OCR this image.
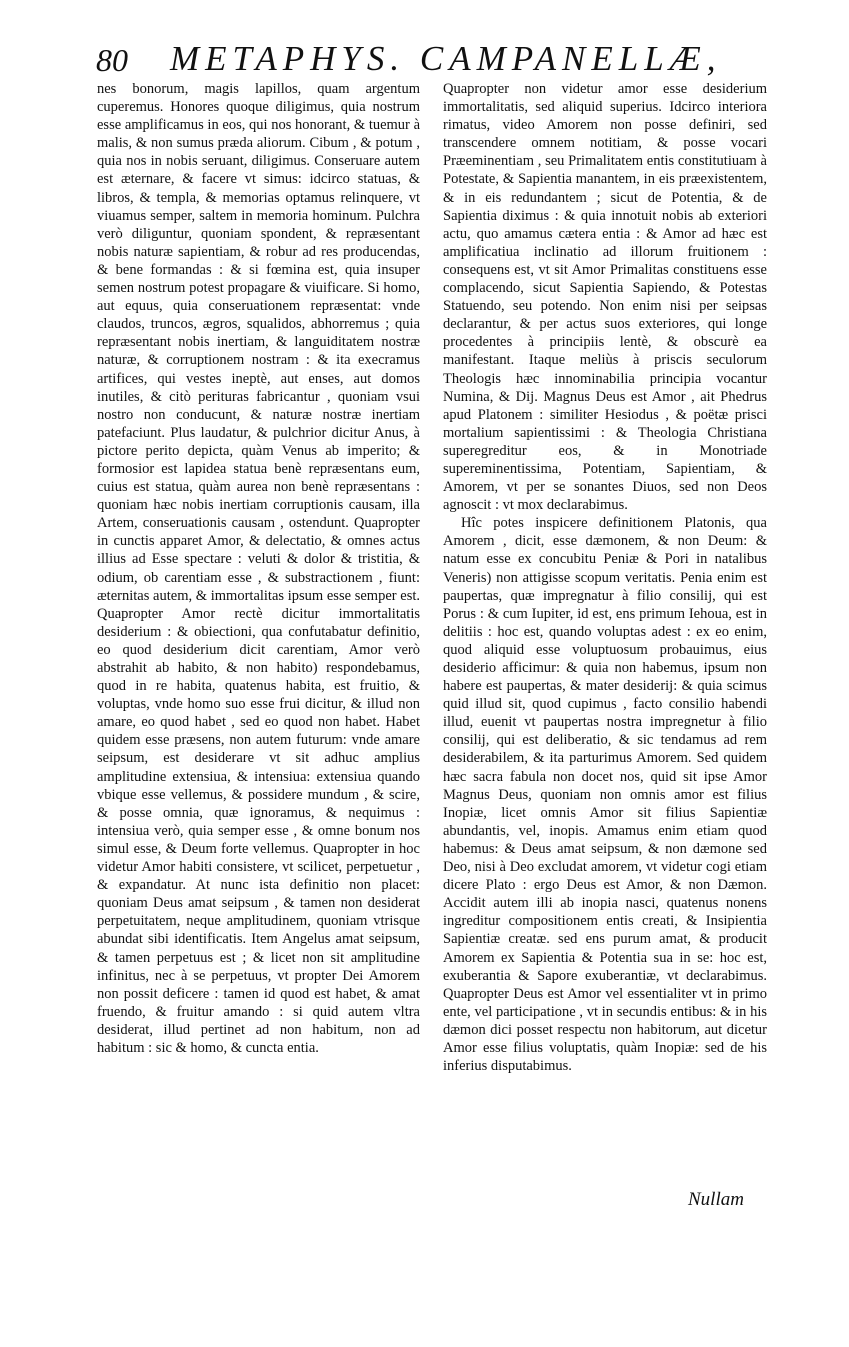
80 METAPHYS. CAMPANELLÆ,

nes bonorum, magis lapillos, quam argentum cuperemus. Honores quoque diligimus, quia nostrum esse amplificamus in eos, qui nos honorant, & tuemur à malis, & non sumus præda aliorum. Cibum , & potum , quia nos in nobis seruant, diligimus. Conseruare autem est æternare, & facere vt simus: idcirco statuas, & libros, & templa, & memorias optamus relinquere, vt viuamus semper, saltem in memoria hominum. Pulchra verò diliguntur, quoniam spondent, & repræsentant nobis naturæ sapientiam, & robur ad res producendas, & bene formandas : & si fœmina est, quia insuper semen nostrum potest propagare & viuificare. Si homo, aut equus, quia conseruationem repræsentat: vnde claudos, truncos, ægros, squalidos, abhorremus ; quia repræsentant nobis inertiam, & languiditatem nostræ naturæ, & corruptionem nostram : & ita execramus artifices, qui vestes ineptè, aut enses, aut domos inutiles, & citò perituras fabricantur , quoniam vsui nostro non conducunt, & naturæ nostræ inertiam patefaciunt. Plus laudatur, & pulchrior dicitur Anus, à pictore perito depicta, quàm Venus ab imperito; & formosior est lapidea statua benè repræsentans eum, cuius est statua, quàm aurea non benè repræsentans : quoniam hæc nobis inertiam corruptionis causam, illa Artem, conseruationis causam , ostendunt. Quapropter in cunctis apparet Amor, & delectatio, & omnes actus illius ad Esse spectare : veluti & dolor & tristitia, & odium, ob carentiam esse , & substractionem , fiunt: æternitas autem, & immortalitas ipsum esse semper est. Quapropter Amor rectè dicitur immortalitatis desiderium : & obiectioni, qua confutabatur definitio, eo quod desiderium dicit carentiam, Amor verò abstrahit ab habito, & non habito) respondebamus, quod in re habita, quatenus habita, est fruitio, & voluptas, vnde homo suo esse frui dicitur, & illud non amare, eo quod habet , sed eo quod non habet. Habet quidem esse præsens, non autem futurum: vnde amare seipsum, est desiderare vt sit adhuc amplius amplitudine extensiua, & intensiua: extensiua quando vbique esse vellemus, & possidere mundum , & scire, & posse omnia, quæ ignoramus, & nequimus : intensiua verò, quia semper esse , & omne bonum nos simul esse, & Deum forte vellemus. Quapropter in hoc videtur Amor habiti consistere, vt scilicet, perpetuetur , & expandatur. At nunc ista definitio non placet: quoniam Deus amat seipsum , & tamen non desiderat perpetuitatem, neque amplitudinem, quoniam vtrisque abundat sibi identificatis. Item Angelus amat seipsum, & tamen perpetuus est ; & licet non sit amplitudine infinitus, nec à se perpetuus, vt propter Dei Amorem non possit deficere : tamen id quod est habet, & amat fruendo, & fruitur amando : si quid autem vltra desiderat, illud pertinet ad non habitum, non ad habitum : sic & homo, & cuncta entia.

Quapropter non videtur amor esse desiderium immortalitatis, sed aliquid superius. Idcirco interiora rimatus, video Amorem non posse definiri, sed transcendere omnem notitiam, & posse vocari Præeminentiam , seu Primalitatem entis constitutiuam à Potestate, & Sapientia manantem, in eis præexistentem, & in eis redundantem ; sicut de Potentia, & de Sapientia diximus : & quia innotuit nobis ab exteriori actu, quo amamus cætera entia : & Amor ad hæc est amplificatiua inclinatio ad illorum fruitionem : consequens est, vt sit Amor Primalitas constituens esse complacendo, sicut Sapientia Sapiendo, & Potestas Statuendo, seu potendo. Non enim nisi per seipsas declarantur, & per actus suos exteriores, qui longe procedentes à principiis lentè, & obscurè ea manifestant. Itaque meliùs à priscis seculorum Theologis hæc innominabilia principia vocantur Numina, & Dij. Magnus Deus est Amor , ait Phedrus apud Platonem : similiter Hesiodus , & poëtæ prisci mortalium sapientissimi : & Theologia Christiana superegreditur eos, & in Monotriade supereminentissima, Potentiam, Sapientiam, & Amorem, vt per se sonantes Diuos, sed non Deos agnoscit : vt mox declarabimus.

Hîc potes inspicere definitionem Platonis, qua Amorem , dicit, esse dæmonem, & non Deum: & natum esse ex concubitu Peniæ & Pori in natalibus Veneris) non attigisse scopum veritatis. Penia enim est paupertas, quæ impregnatur à filio consilij, qui est Porus : & cum Iupiter, id est, ens primum Iehoua, est in delitiis : hoc est, quando voluptas adest : ex eo enim, quod aliquid esse voluptuosum probauimus, eius desiderio afficimur: & quia non habemus, ipsum non habere est paupertas, & mater desiderij: & quia scimus quid illud sit, quod cupimus , facto consilio habendi illud, euenit vt paupertas nostra impregnetur à filio consilij, qui est deliberatio, & sic tendamus ad rem desiderabilem, & ita parturimus Amorem. Sed quidem hæc sacra fabula non docet nos, quid sit ipse Amor Magnus Deus, quoniam non omnis amor est filius Inopiæ, licet omnis Amor sit filius Sapientiæ abundantis, vel, inopis. Amamus enim etiam quod habemus: & Deus amat seipsum, & non dæmone sed Deo, nisi à Deo excludat amorem, vt videtur cogi etiam dicere Plato : ergo Deus est Amor, & non Dæmon. Accidit autem illi ab inopia nasci, quatenus nonens ingreditur compositionem entis creati, & Insipientia Sapientiæ creatæ. sed ens purum amat, & producit Amorem ex Sapientia & Potentia sua in se: hoc est, exuberantia & Sapore exuberantiæ, vt declarabimus. Quapropter Deus est Amor vel essentialiter vt in primo ente, vel participatione , vt in secundis entibus: & in his dæmon dici posset respectu non habitorum, aut dicetur Amor esse filius voluptatis, quàm Inopiæ: sed de his inferius disputabimus.

Nullam
